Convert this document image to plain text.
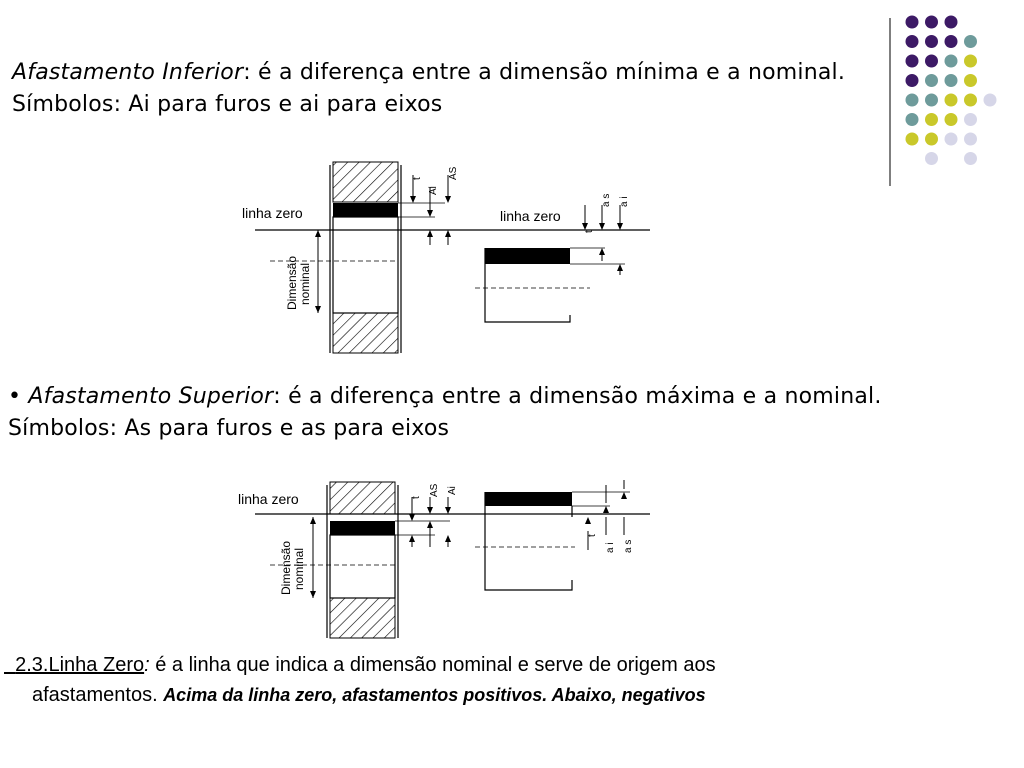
Afastamento Inferior: é a diferença entre a dimensão mínima e a nominal.
Símbolos: Ai para furos e ai para eixos
Dimensão nominal
linha zero
t
Ai
AS
linha zero
t
a s a i
• Afastamento Superior: é a diferença entre a dimensão máxima e a nominal.
Símbolos: As para furos e as para eixos
Dimensão nominal
linha zero	t
AS Ai
t
a i a s
2.3.Linha Zero: é a linha que indica a dimensão nominal e serve de origem aos
afastamentos. Acima da linha zero, afastamentos positivos. Abaixo, negativos
